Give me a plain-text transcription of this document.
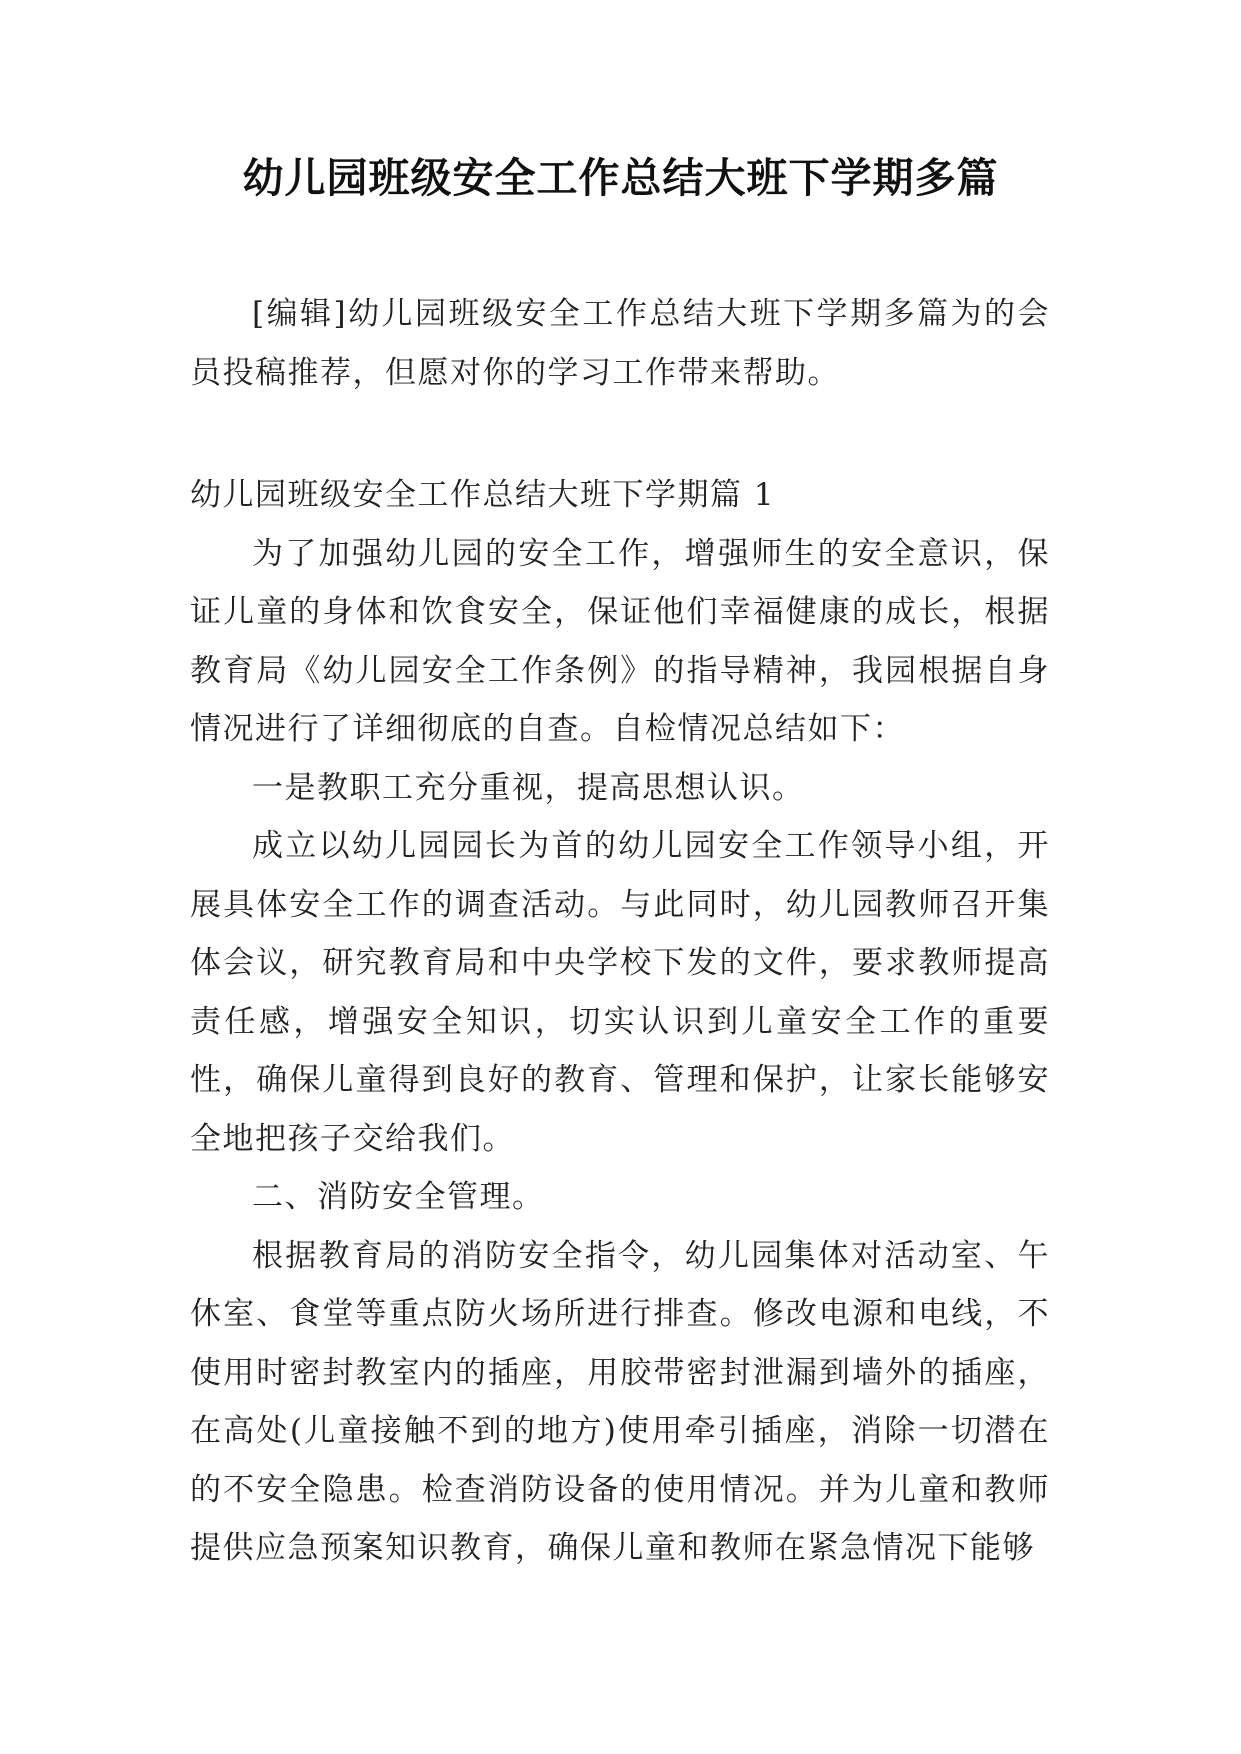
幼儿园班级安全工作总结大班下学期多篇

[编辑]幼儿园班级安全工作总结大班下学期多篇为的会员投稿推荐，但愿对你的学习工作带来帮助。

幼儿园班级安全工作总结大班下学期篇 1

为了加强幼儿园的安全工作，增强师生的安全意识，保证儿童的身体和饮食安全，保证他们幸福健康的成长，根据教育局《幼儿园安全工作条例》的指导精神，我园根据自身情况进行了详细彻底的自查。自检情况总结如下：

一是教职工充分重视，提高思想认识。

成立以幼儿园园长为首的幼儿园安全工作领导小组，开展具体安全工作的调查活动。与此同时，幼儿园教师召开集体会议，研究教育局和中央学校下发的文件，要求教师提高责任感，增强安全知识，切实认识到儿童安全工作的重要性，确保儿童得到良好的教育、管理和保护，让家长能够安全地把孩子交给我们。

二、消防安全管理。

根据教育局的消防安全指令，幼儿园集体对活动室、午休室、食堂等重点防火场所进行排查。修改电源和电线，不使用时密封教室内的插座，用胶带密封泄漏到墙外的插座，在高处(儿童接触不到的地方)使用牵引插座，消除一切潜在的不安全隐患。检查消防设备的使用情况。并为儿童和教师提供应急预案知识教育，确保儿童和教师在紧急情况下能够
